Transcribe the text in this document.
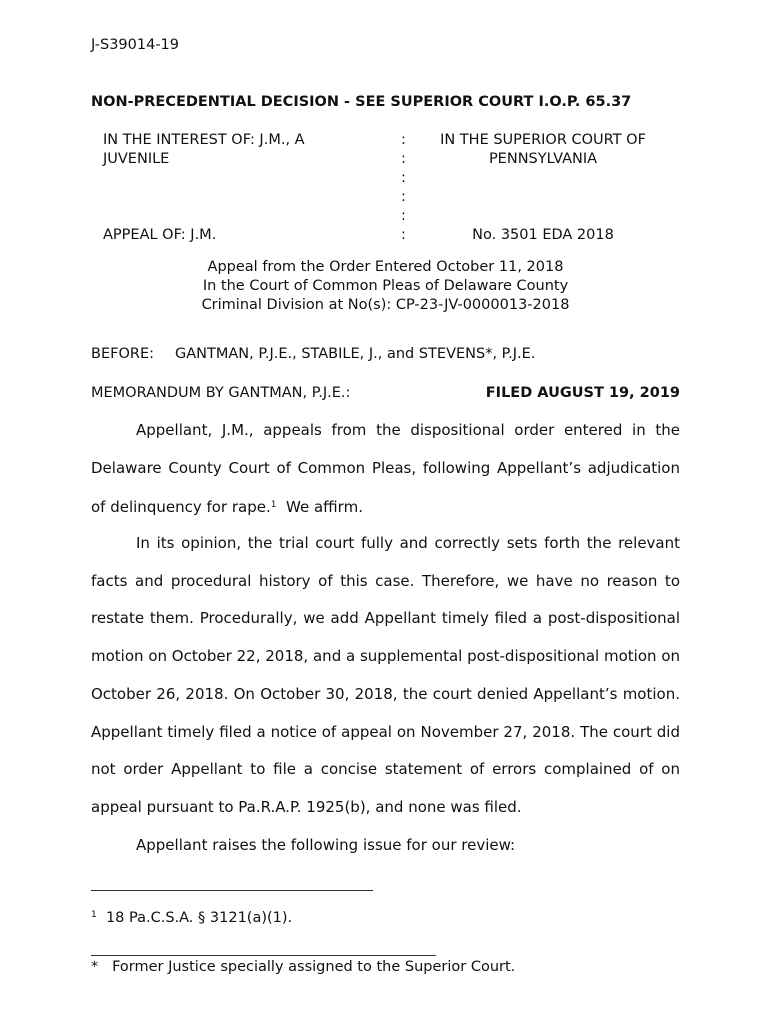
J-S39014-19
NON-PRECEDENTIAL DECISION - SEE SUPERIOR COURT I.O.P. 65.37
IN THE INTEREST OF: J.M., A
JUVENILE
APPEAL OF: J.M.
:
:
:
:
:
:
IN THE SUPERIOR COURT OF
PENNSYLVANIA
No. 3501 EDA 2018
Appeal from the Order Entered October 11, 2018
In the Court of Common Pleas of Delaware County
Criminal Division at No(s): CP-23-JV-0000013-2018
BEFORE: GANTMAN, P.J.E., STABILE, J., and STEVENS*, P.J.E.
MEMORANDUM BY GANTMAN, P.J.E.:	FILED AUGUST 19, 2019
Appellant, J.M., appeals from the dispositional order entered in the
Delaware County Court of Common Pleas, following Appellant’s adjudication
of delinquency for rape.$^1$ We affirm.
In its opinion, the trial court fully and correctly sets forth the relevant
facts and procedural history of this case. Therefore, we have no reason to
restate them. Procedurally, we add Appellant timely filed a post-dispositional
motion on October 22, 2018, and a supplemental post-dispositional motion on
October 26, 2018. On October 30, 2018, the court denied Appellant’s motion.
Appellant timely filed a notice of appeal on November 27, 2018. The court did
not order Appellant to file a concise statement of errors complained of on
appeal pursuant to Pa.R.A.P. 1925(b), and none was filed.
Appellant raises the following issue for our review:
$^1$ 18 Pa.C.S.A. § 3121(a)(1).
* Former Justice specially assigned to the Superior Court.
